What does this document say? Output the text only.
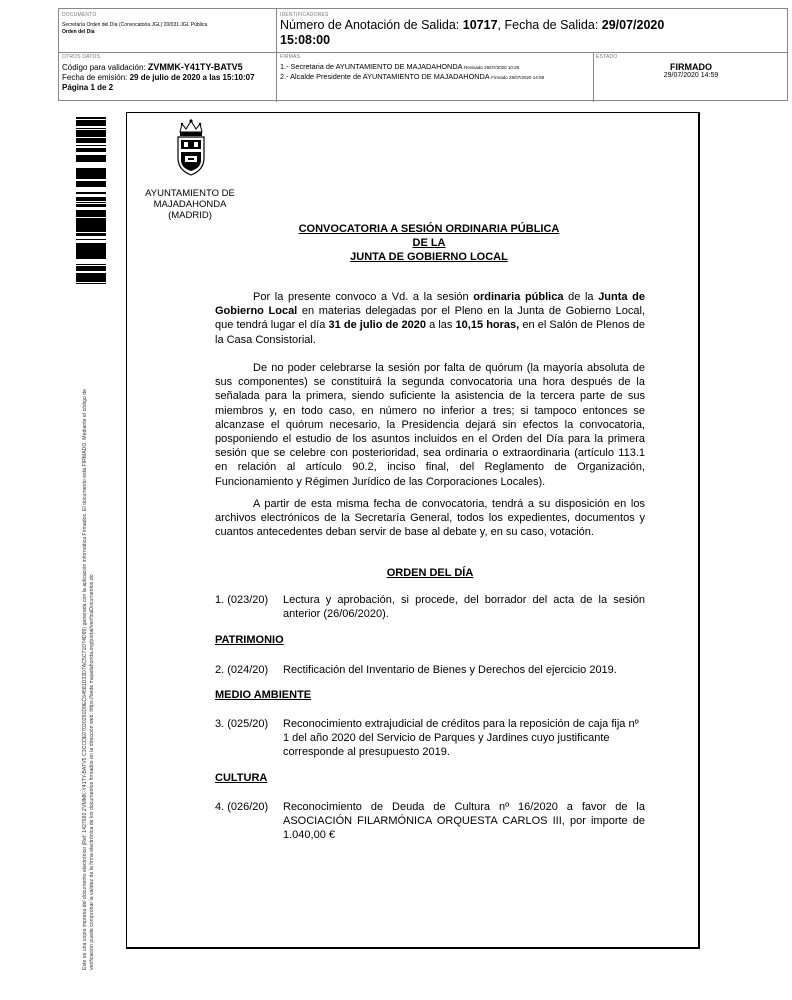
DOCUMENTO
Secretaría Orden del Día (Convocatoria JGL) 20/031 JGL Pública
Orden del Día
IDENTIFICADORES
Número de Anotación de Salida: 10717, Fecha de Salida: 29/07/2020
15:08:00
OTROS DATOS
Código para validación: ZVMMK-Y41TY-BATV5
Fecha de emisión: 29 de julio de 2020 a las 15:10:07
Página 1 de 2
FIRMAS
1.- Secretaria de AYUNTAMIENTO DE MAJADAHONDA Revisado 29/07/2020 10:28
2.- Alcalde Presidente de AYUNTAMIENTO DE MAJADAHONDA Firmado 29/07/2020 14:59
ESTADO
FIRMADO
29/07/2020 14:59
Este es una copia impresa del documento electrónico (Ref: 1427692 ZVMMK-Y41TY-BATV5 C3CCDE07020291D9EC64581D32D7AC5C71D74D99) generada con la aplicación informática Firmadoc. El documento está FIRMADO. Mediante el código de verificación puede comprobar la validez de la firma electrónica de los documentos firmados en la dirección web: https://sede.majadahonda.org/portal/verificaDocumentos.do
AYUNTAMIENTO DE
MAJADAHONDA
(MADRID)
CONVOCATORIA A SESIÓN ORDINARIA PÚBLICA
DE LA
JUNTA DE GOBIERNO LOCAL
Por la presente convoco a Vd. a la sesión ordinaria pública de la Junta de Gobierno Local en materias delegadas por el Pleno en la Junta de Gobierno Local, que tendrá lugar el día 31 de julio de 2020 a las 10,15 horas, en el Salón de Plenos de la Casa Consistorial.
De no poder celebrarse la sesión por falta de quórum (la mayoría absoluta de sus componentes) se constituirá la segunda convocatoria una hora después de la señalada para la primera, siendo suficiente la asistencia de la tercera parte de sus miembros y, en todo caso, en número no inferior a tres; si tampoco entonces se alcanzase el quórum necesario, la Presidencia dejará sin efectos la convocatoria, posponiendo el estudio de los asuntos incluidos en el Orden del Día para la primera sesión que se celebre con posterioridad, sea ordinaria o extraordinaria (artículo 113.1 en relación al artículo 90.2, inciso final, del Reglamento de Organización, Funcionamiento y Régimen Jurídico de las Corporaciones Locales).
A partir de esta misma fecha de convocatoria, tendrá a su disposición en los archivos electrónicos de la Secretaría General, todos los expedientes, documentos y cuantos antecedentes deban servir de base al debate y, en su caso, votación.
ORDEN DEL DÍA
1. (023/20)	Lectura y aprobación, si procede, del borrador del acta de la sesión anterior (26/06/2020).
PATRIMONIO
2. (024/20)	Rectificación del Inventario de Bienes y Derechos del ejercicio 2019.
MEDIO AMBIENTE
3. (025/20)	Reconocimiento extrajudicial de créditos para la reposición de caja fija nº 1 del año 2020 del Servicio de Parques y Jardines cuyo justificante corresponde al presupuesto 2019.
CULTURA
4. (026/20)	Reconocimiento de Deuda de Cultura nº 16/2020 a favor de la ASOCIACIÓN FILARMÓNICA ORQUESTA CARLOS III, por importe de 1.040,00 €
